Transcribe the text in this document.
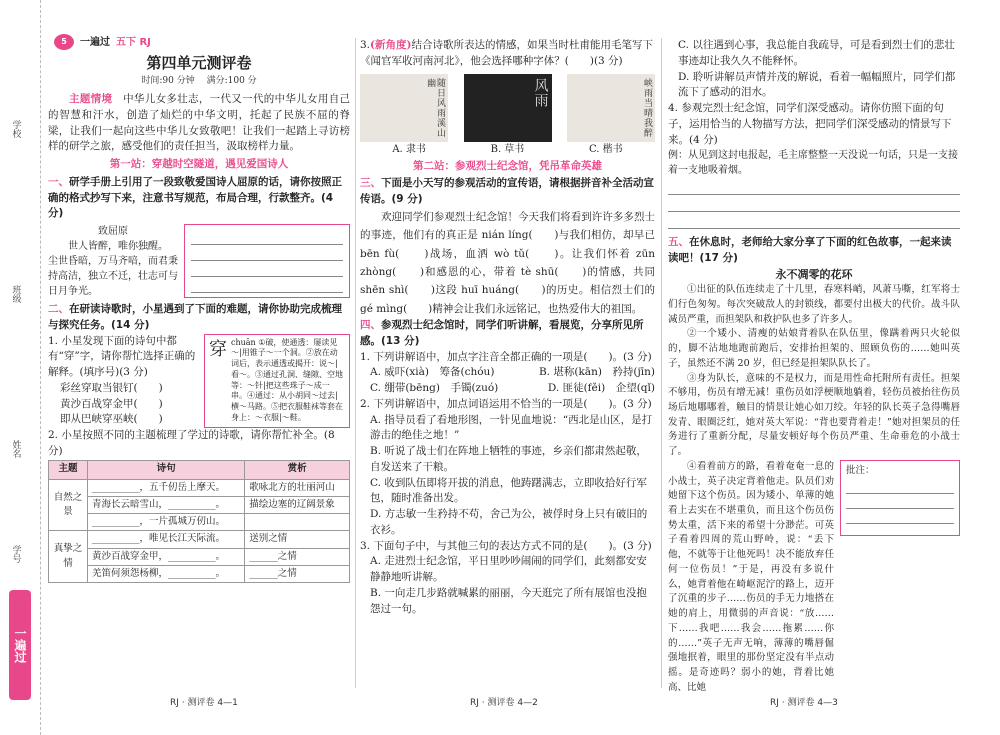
学校
班级
姓名
学号
一遍过
5	一遍过 五下 RJ
第四单元测评卷
时间:90 分钟　 满分:100 分

主题情境　 中华儿女多壮志，一代又一代的中华儿女用自己的智慧和汗水，创造了灿烂的中华文明，托起了民族不屈的脊梁，让我们一起向这些中华儿女致敬吧！让我们一起踏上寻访榜样的研学之旅，感受他们的责任担当，汲取榜样力量。

第一站：穿越时空隧道，遇见爱国诗人

一、研学手册上引用了一段致敬爱国诗人屈原的话，请你按照正确的格式抄写下来，注意书写规范，布局合理，行款整齐。(4 分)

致屈原
世人皆醉，唯你独醒。
尘世昏暗，万马齐喑，而君秉持高洁，独立不迁，壮志可与日月争光。

二、在研读诗歌时，小星遇到了下面的难题，请你协助完成梳理与探究任务。(14 分)

1. 小星发现下面的诗句中都有“穿”字，请你帮忙选择正确的解释。(填序号)(3 分)
彩丝穿取当银钉(　　)
黄沙百战穿金甲(　　)
即从巴峡穿巫峡(　　)
穿 chuān ①破，使通透：屡读见～|用锥子～一个洞。②放在动词后，表示通透或揭开：说～|看～。③通过孔洞、缝隙、空地等：～针|把这些珠子～成一串。④通过：从小胡同～过去|横～马路。⑤把衣服鞋袜等套在身上：～衣服|～鞋。
2. 小星按照不同的主题梳理了学过的诗歌，请你帮忙补全。(8 分)
主题	诗句	赏析
自然之景	__________，五千仞岳上摩天。	歌咏北方的壮丽河山
	青海长云暗雪山，__________。	描绘边塞的辽阔景象
	__________，一片孤城万仞山。	
真挚之情	__________，唯见长江天际流。	送别之情
	黄沙百战穿金甲，__________。	______之情
	羌笛何须怨杨柳，__________。	______之情

3.(新角度)结合诗歌所表达的情感，如果当时杜甫能用毛笔写下《闻官军收河南河北》，他会选择哪种字体？(　　)(3 分)

随日风雨溪山幽	风雨	峡雨当晴我醉
A. 隶书	B. 草书	C. 楷书
第二站：参观烈士纪念馆，凭吊革命英雄

三、下面是小天写的参观活动的宣传语，请根据拼音补全活动宣传语。(9 分)

欢迎同学们参观烈士纪念馆！今天我们将看到许许多多烈士的事迹，他们有的真正是 nián líng(　　)与我们相仿，却早已 bēn fù(　　)战场，血洒 wò tǔ(　　)。让我们怀着 zūn zhòng(　　)和感恩的心，带着 tè shū(　　)的情感，共同 shēn shì(　　)这段 huī huáng(　　)的历史。相信烈士们的 gé mìng(　　)精神会让我们永远铭记，也热爱伟大的祖国。

四、参观烈士纪念馆时，同学们听讲解，看展览，分享所见所感。(13 分)

1. 下列讲解语中，加点字注音全都正确的一项是(　　)。(3 分)
A. 威吓(xià)　筹备(chóu)	B. 堪称(kān)　矜持(jīn)
C. 绷带(bēng)　手镯(zuó)	D. 匪徒(fěi)　企望(qǐ)
2. 下列讲解语中，加点词语运用不恰当的一项是(　　)。(3 分)
A. 指导员看了看地形图，一针见血地说：“西北是山区，是打游击的绝佳之地！”
B. 听说了战士们在阵地上牺牲的事迹，乡亲们都肃然起敬，自发送来了干粮。
C. 收到队伍即将开拔的消息，他踌躇满志，立即收拾好行军包，随时准备出发。
D. 方志敏一生矜持不苟，舍己为公，被俘时身上只有破旧的衣衫。
3. 下面句子中，与其他三句的表达方式不同的是(　　)。(3 分)
A. 走进烈士纪念馆，平日里吵吵闹闹的同学们，此刻都安安静静地听讲解。
B. 一向走几步路就喊累的丽丽，今天逛完了所有展馆也没抱怨过一句。
C. 以往遇到心事，我总能自我疏导，可是看到烈士们的悲壮事迹却让我久久不能释怀。
D. 聆听讲解员声情并茂的解说，看着一幅幅照片，同学们都流下了感动的泪水。
4. 参观完烈士纪念馆，同学们深受感动。请你仿照下面的句子，运用恰当的人物描写方法，把同学们深受感动的情景写下来。(4 分)
例：从见到这封电报起，毛主席整整一天没说一句话，只是一支接着一支地吸着烟。

五、在休息时，老师给大家分享了下面的红色故事，一起来读读吧！(17 分)

永不凋零的花环

①出征的队伍连续走了十几里，春寒料峭，风萧马嘶，红军将士们行色匆匆。每次突破敌人的封锁线，都要付出极大的代价。战斗队减员严重，而担架队和救护队也多了许多人。

②一个矮小、清瘦的姑娘背着队在队伍里，像蹒着两只火轮似的，脚不沾地地跑前跑后，安排抬担架的、照顾负伤的……她叫英子，虽然还不满 20 岁，但已经是担架队队长了。

③身为队长，意味的不是权力，而是用性命托附所有责任。担架不够用，伤员有增无减！重伤员如浮梗顺地躺着，轻伤员被抬往伤员场后地哪哪着，触目的情景让她心如刀绞。年轻的队长英子急得嘴唇发青、眼圈泛红，她对英大军说：“背也要背着走！”她对担架员的任务进行了重新分配，尽量安顿好每个伤员严重、生命垂危的小战士了。

④看着前方的路，看着奄奄一息的小战士，英子决定背着他走。队员们劝她留下这个伤员。因为矮小、单薄的她看上去实在不堪重负，而且这个伤员伤势太重，活下来的希望十分渺茫。可英子看着四周的荒山野岭，说：“丢下他，不就等于让他死吗！决不能放弃任何一位伤员！”于是，再没有多说什么，她背着他在崎岖泥泞的路上，迈开了沉重的步子……伤员的手无力地搭在她的肩上，用微弱的声音说：“放……下……我吧……我会……拖累……你的……”英子无声无响，薄薄的嘴唇倔强地抿着，眼里的那份坚定没有半点动摇。是奇迹吗？弱小的她，背着比她高、比她

批注：
RJ · 测评卷 4—1	RJ · 测评卷 4—2	RJ · 测评卷 4—3
